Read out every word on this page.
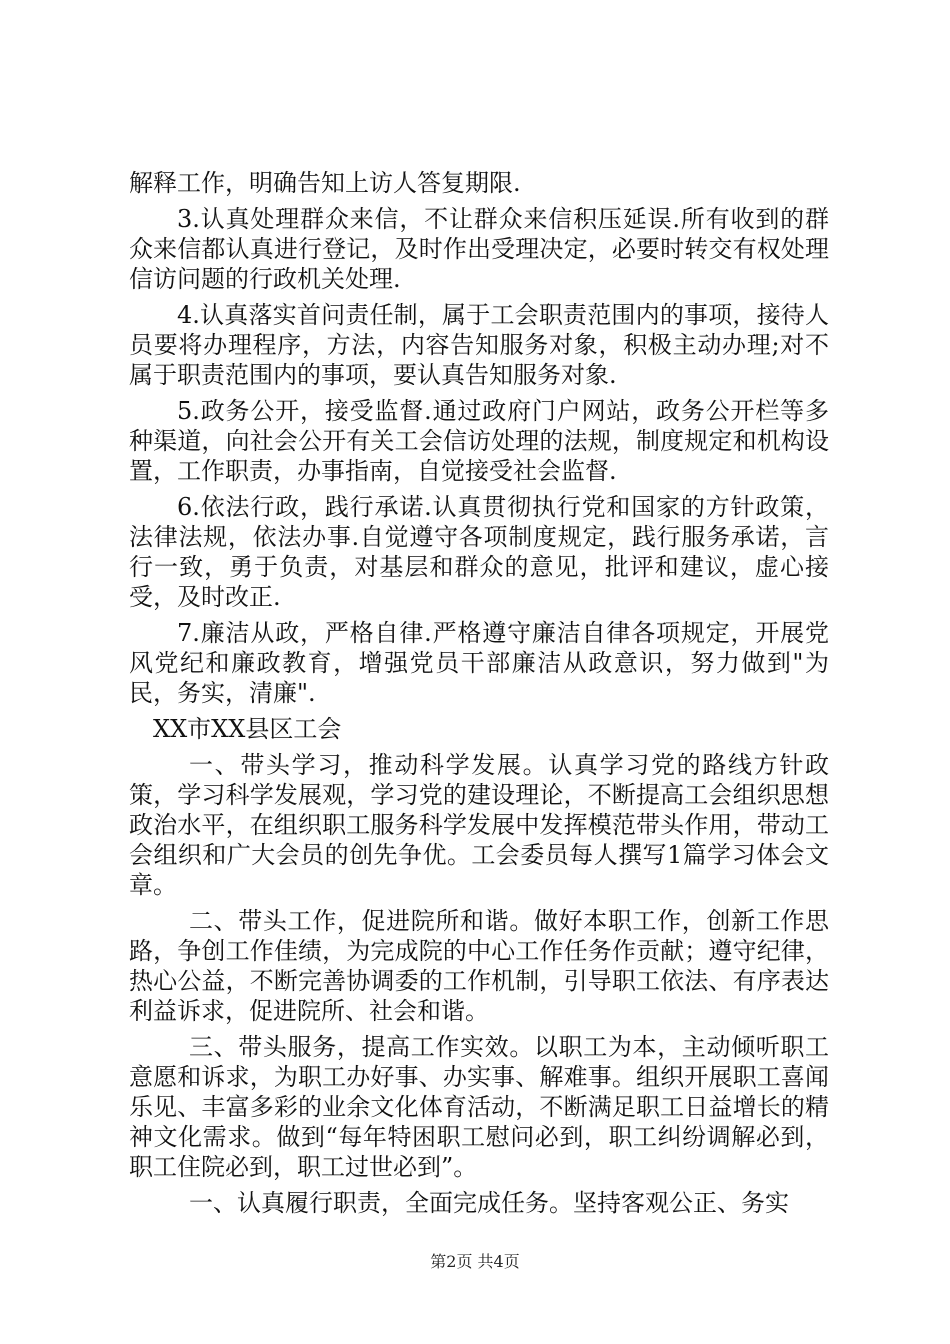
解释工作，明确告知上访人答复期限.

3.认真处理群众来信，不让群众来信积压延误.所有收到的群众来信都认真进行登记，及时作出受理决定，必要时转交有权处理信访问题的行政机关处理.

4.认真落实首问责任制，属于工会职责范围内的事项，接待人员要将办理程序，方法，内容告知服务对象，积极主动办理;对不属于职责范围内的事项，要认真告知服务对象.

5.政务公开，接受监督.通过政府门户网站，政务公开栏等多种渠道，向社会公开有关工会信访处理的法规，制度规定和机构设置，工作职责，办事指南，自觉接受社会监督.

6.依法行政，践行承诺.认真贯彻执行党和国家的方针政策，法律法规，依法办事.自觉遵守各项制度规定，践行服务承诺，言行一致，勇于负责，对基层和群众的意见，批评和建议，虚心接受，及时改正.

7.廉洁从政，严格自律.严格遵守廉洁自律各项规定，开展党风党纪和廉政教育，增强党员干部廉洁从政意识，努力做到"为民，务实，清廉".

XX市XX县区工会

一、带头学习，推动科学发展。认真学习党的路线方针政策，学习科学发展观，学习党的建设理论，不断提高工会组织思想政治水平，在组织职工服务科学发展中发挥模范带头作用，带动工会组织和广大会员的创先争优。工会委员每人撰写1篇学习体会文章。

二、带头工作，促进院所和谐。做好本职工作，创新工作思路，争创工作佳绩，为完成院的中心工作任务作贡献；遵守纪律，热心公益，不断完善协调委的工作机制，引导职工依法、有序表达利益诉求，促进院所、社会和谐。

三、带头服务，提高工作实效。以职工为本，主动倾听职工意愿和诉求，为职工办好事、办实事、解难事。组织开展职工喜闻乐见、丰富多彩的业余文化体育活动，不断满足职工日益增长的精神文化需求。做到“每年特困职工慰问必到，职工纠纷调解必到，职工住院必到，职工过世必到”。

一、认真履行职责，全面完成任务。坚持客观公正、务实

第2页 共4页
